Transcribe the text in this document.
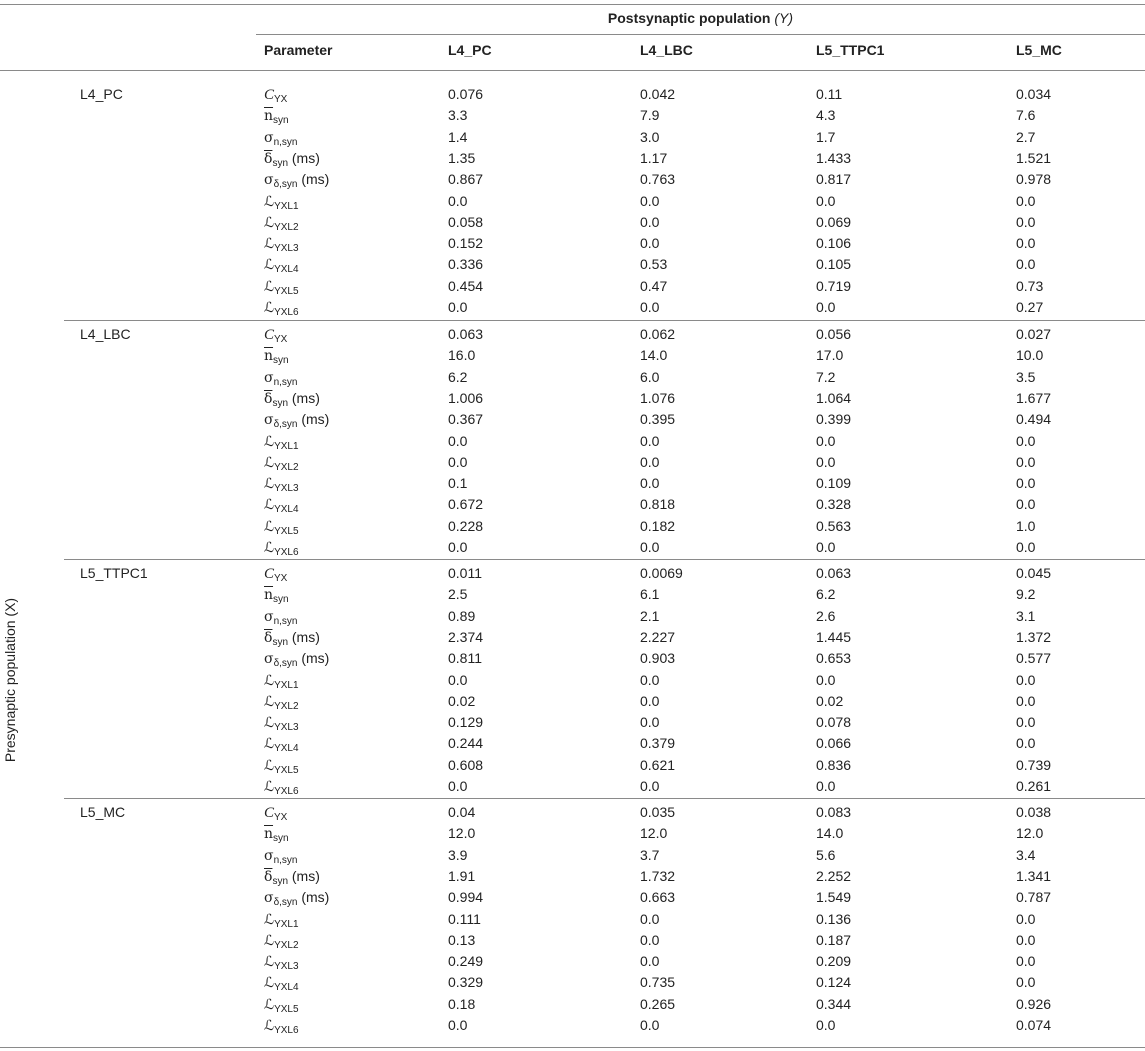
Postsynaptic population (Y)
Parameter	L4_PC	L4_LBC	L5_TTPC1	L5_MC
Presynaptic population (X)
L4_PC	$C_{YX}$	0.076	0.042	0.11	0.034
$\overline{n}_{syn}$	3.3	7.9	4.3	7.6
$\sigma_{n,syn}$	1.4	3.0	1.7	2.7
$\overline{\delta}_{syn}$ (ms)	1.35	1.17	1.433	1.521
$\sigma_{\delta,syn}$ (ms)	0.867	0.763	0.817	0.978
ℒ$_{YXL1}$	0.0	0.0	0.0	0.0
ℒ$_{YXL2}$	0.058	0.0	0.069	0.0
ℒ$_{YXL3}$	0.152	0.0	0.106	0.0
ℒ$_{YXL4}$	0.336	0.53	0.105	0.0
ℒ$_{YXL5}$	0.454	0.47	0.719	0.73
ℒ$_{YXL6}$	0.0	0.0	0.0	0.27
L4_LBC	$C_{YX}$	0.063	0.062	0.056	0.027
$\overline{n}_{syn}$	16.0	14.0	17.0	10.0
$\sigma_{n,syn}$	6.2	6.0	7.2	3.5
$\overline{\delta}_{syn}$ (ms)	1.006	1.076	1.064	1.677
$\sigma_{\delta,syn}$ (ms)	0.367	0.395	0.399	0.494
ℒ$_{YXL1}$	0.0	0.0	0.0	0.0
ℒ$_{YXL2}$	0.0	0.0	0.0	0.0
ℒ$_{YXL3}$	0.1	0.0	0.109	0.0
ℒ$_{YXL4}$	0.672	0.818	0.328	0.0
ℒ$_{YXL5}$	0.228	0.182	0.563	1.0
ℒ$_{YXL6}$	0.0	0.0	0.0	0.0
L5_TTPC1	$C_{YX}$	0.011	0.0069	0.063	0.045
$\overline{n}_{syn}$	2.5	6.1	6.2	9.2
$\sigma_{n,syn}$	0.89	2.1	2.6	3.1
$\overline{\delta}_{syn}$ (ms)	2.374	2.227	1.445	1.372
$\sigma_{\delta,syn}$ (ms)	0.811	0.903	0.653	0.577
ℒ$_{YXL1}$	0.0	0.0	0.0	0.0
ℒ$_{YXL2}$	0.02	0.0	0.02	0.0
ℒ$_{YXL3}$	0.129	0.0	0.078	0.0
ℒ$_{YXL4}$	0.244	0.379	0.066	0.0
ℒ$_{YXL5}$	0.608	0.621	0.836	0.739
ℒ$_{YXL6}$	0.0	0.0	0.0	0.261
L5_MC	$C_{YX}$	0.04	0.035	0.083	0.038
$\overline{n}_{syn}$	12.0	12.0	14.0	12.0
$\sigma_{n,syn}$	3.9	3.7	5.6	3.4
$\overline{\delta}_{syn}$ (ms)	1.91	1.732	2.252	1.341
$\sigma_{\delta,syn}$ (ms)	0.994	0.663	1.549	0.787
ℒ$_{YXL1}$	0.111	0.0	0.136	0.0
ℒ$_{YXL2}$	0.13	0.0	0.187	0.0
ℒ$_{YXL3}$	0.249	0.0	0.209	0.0
ℒ$_{YXL4}$	0.329	0.735	0.124	0.0
ℒ$_{YXL5}$	0.18	0.265	0.344	0.926
ℒ$_{YXL6}$	0.0	0.0	0.0	0.074
